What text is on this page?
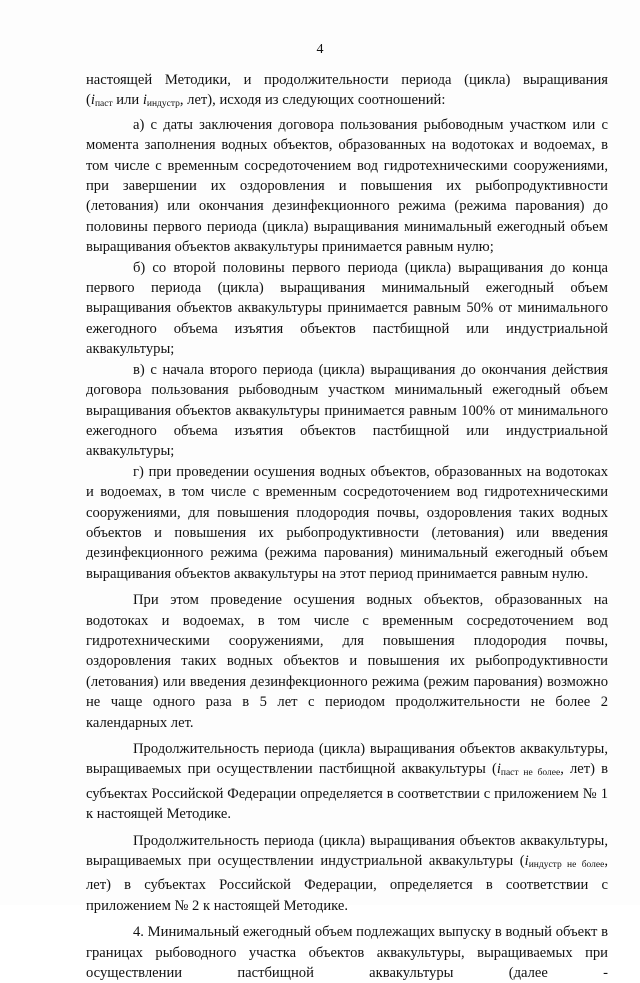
4

настоящей Методики, и продолжительности периода (цикла) выращивания

($i_{паст}$ или $i_{индустр}$, лет), исходя из следующих соотношений:

а) с даты заключения договора пользования рыбоводным участком или с момента заполнения водных объектов, образованных на водотоках и водоемах, в том числе с временным сосредоточением вод гидротехническими сооружениями, при завершении их оздоровления и повышения их рыбопродуктивности (летования) или окончания дезинфекционного режима (режима парования) до половины первого периода (цикла) выращивания минимальный ежегодный объем выращивания объектов аквакультуры принимается равным нулю;

б) со второй половины первого периода (цикла) выращивания до конца первого периода (цикла) выращивания минимальный ежегодный объем выращивания объектов аквакультуры принимается равным 50% от минимального ежегодного объема изъятия объектов пастбищной или индустриальной аквакультуры;

в) с начала второго периода (цикла) выращивания до окончания действия договора пользования рыбоводным участком минимальный ежегодный объем выращивания объектов аквакультуры принимается равным 100% от минимального ежегодного объема изъятия объектов пастбищной или индустриальной аквакультуры;

г) при проведении осушения водных объектов, образованных на водотоках и водоемах, в том числе с временным сосредоточением вод гидротехническими сооружениями, для повышения плодородия почвы, оздоровления таких водных объектов и повышения их рыбопродуктивности (летования) или введения дезинфекционного режима (режима парования) минимальный ежегодный объем выращивания объектов аквакультуры на этот период принимается равным нулю.

При этом проведение осушения водных объектов, образованных на водотоках и водоемах, в том числе с временным сосредоточением вод гидротехническими сооружениями, для повышения плодородия почвы, оздоровления таких водных объектов и повышения их рыбопродуктивности (летования) или введения дезинфекционного режима (режим парования) возможно не чаще одного раза в 5 лет с периодом продолжительности не более 2 календарных лет.

Продолжительность периода (цикла) выращивания объектов аквакультуры, выращиваемых при осуществлении пастбищной аквакультуры ($i_{паст не более}$, лет) в субъектах Российской Федерации определяется в соответствии с приложением № 1 к настоящей Методике.

Продолжительность периода (цикла) выращивания объектов аквакультуры, выращиваемых при осуществлении индустриальной аквакультуры ($i_{индустр не более}$, лет) в субъектах Российской Федерации, определяется в соответствии с приложением № 2 к настоящей Методике.

4. Минимальный ежегодный объем подлежащих выпуску в водный объект в границах рыбоводного участка объектов аквакультуры, выращиваемых при осуществлении пастбищной аквакультуры (далее -
